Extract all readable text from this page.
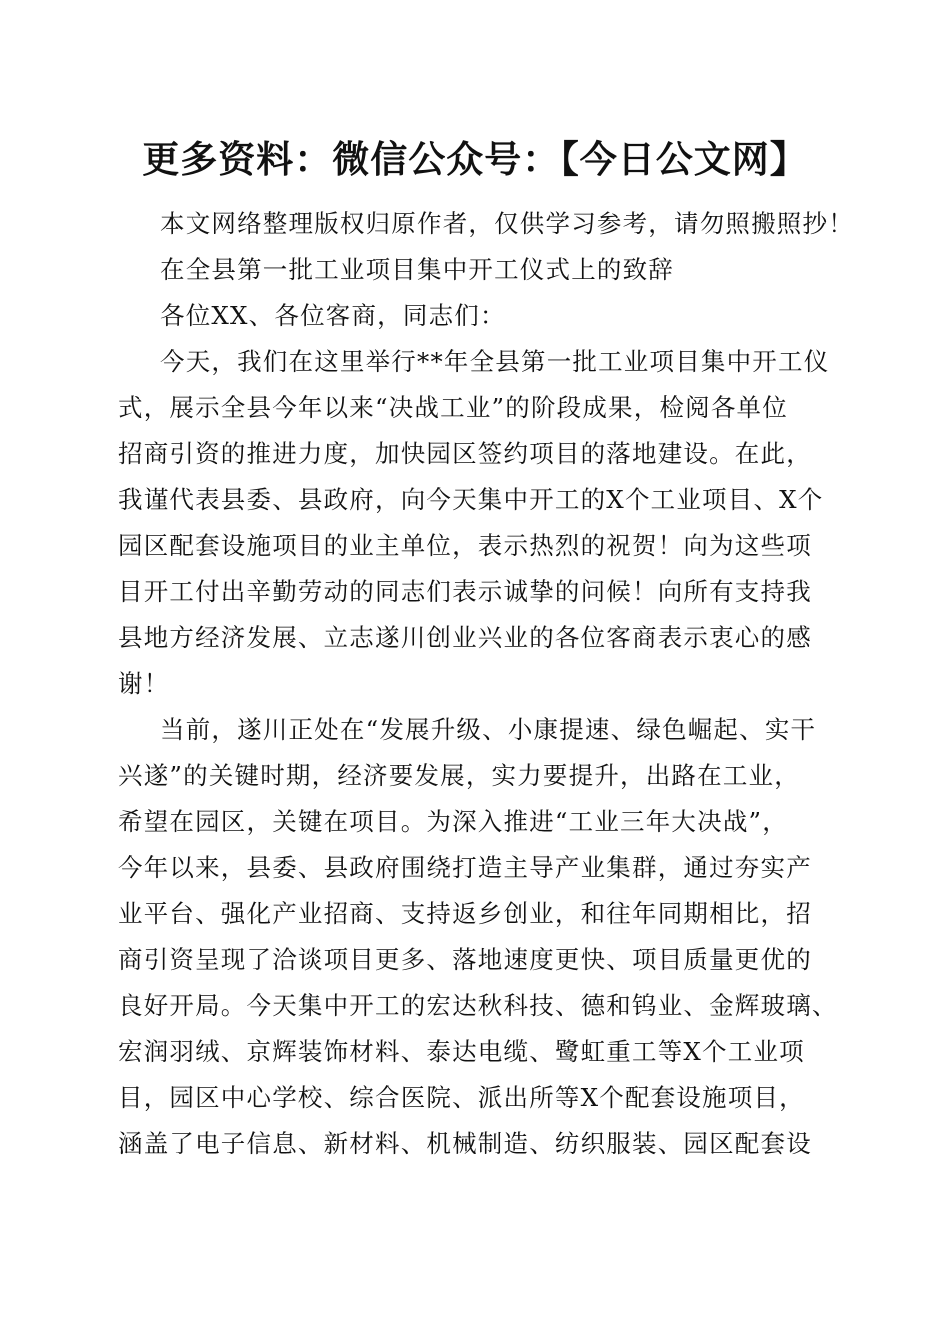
更多资料：微信公众号：【今日公文网】
本文网络整理版权归原作者，仅供学习参考，请勿照搬照抄！
在全县第一批工业项目集中开工仪式上的致辞
各位XX、各位客商，同志们：
今天，我们在这里举行**年全县第一批工业项目集中开工仪
式，展示全县今年以来“决战工业”的阶段成果，检阅各单位
招商引资的推进力度，加快园区签约项目的落地建设。在此，
我谨代表县委、县政府，向今天集中开工的X个工业项目、X个
园区配套设施项目的业主单位，表示热烈的祝贺！向为这些项
目开工付出辛勤劳动的同志们表示诚挚的问候！向所有支持我
县地方经济发展、立志遂川创业兴业的各位客商表示衷心的感
谢！
当前，遂川正处在“发展升级、小康提速、绿色崛起、实干
兴遂”的关键时期，经济要发展，实力要提升，出路在工业，
希望在园区，关键在项目。为深入推进“工业三年大决战”，
今年以来，县委、县政府围绕打造主导产业集群，通过夯实产
业平台、强化产业招商、支持返乡创业，和往年同期相比，招
商引资呈现了洽谈项目更多、落地速度更快、项目质量更优的
良好开局。今天集中开工的宏达秋科技、德和钨业、金辉玻璃、
宏润羽绒、京辉装饰材料、泰达电缆、鹭虹重工等X个工业项
目，园区中心学校、综合医院、派出所等X个配套设施项目，
涵盖了电子信息、新材料、机械制造、纺织服装、园区配套设
